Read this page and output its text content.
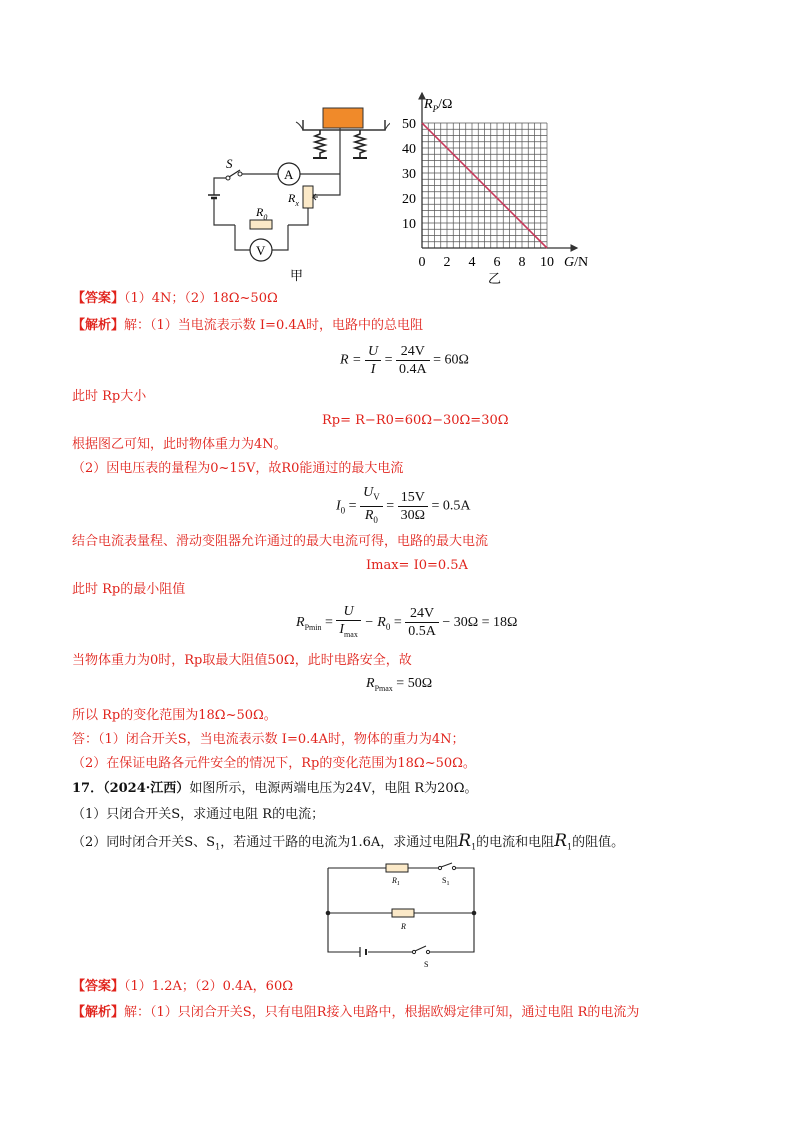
S
A
$R_x$
$R_0$
V
甲
0 2 4 6 8 10
10
20
30
40
50
$R_P/\Omega$
G/N
乙
【答案】（1）4N；（2）18Ω~50Ω
【解析】解：（1）当电流表示数 I=0.4A时，电路中的总电阻
$R = \frac{U}{I} = \frac{24V}{0.4A} = 60\Omega$
此时 Rp大小
Rp= R−R0=60Ω−30Ω=30Ω
根据图乙可知，此时物体重力为4N。
（2）因电压表的量程为0~15V，故R0能通过的最大电流
$I_0 = \frac{U_V}{R_0} = \frac{15V}{30\Omega} = 0.5A$
结合电流表量程、滑动变阻器允许通过的最大电流可得，电路的最大电流
Imax= I0=0.5A
此时 Rp的最小阻值
$R_{Pmin} = \frac{U}{I_{max}} - R_0 = \frac{24V}{0.5A} - 30\Omega = 18\Omega$
当物体重力为0时，Rp取最大阻值50Ω，此时电路安全，故
$R_{Pmax} = 50\Omega$
所以 Rp的变化范围为18Ω~50Ω。
答：（1）闭合开关S，当电流表示数 I=0.4A时，物体的重力为4N；
（2）在保证电路各元件安全的情况下，Rp的变化范围为18Ω~50Ω。
17．（2024·江西）如图所示，电源两端电压为24V，电阻 R为20Ω。
（1）只闭合开关S，求通过电阻 R的电流；
（2）同时闭合开关S、$S_1$，若通过干路的电流为1.6A，求通过电阻$R_1$的电流和电阻$R_1$的阻值。
$R_1$	$S_1$
R
S
【答案】（1）1.2A；（2）0.4A，60Ω
【解析】解：（1）只闭合开关S，只有电阻R接入电路中，根据欧姆定律可知，通过电阻 R的电流为
